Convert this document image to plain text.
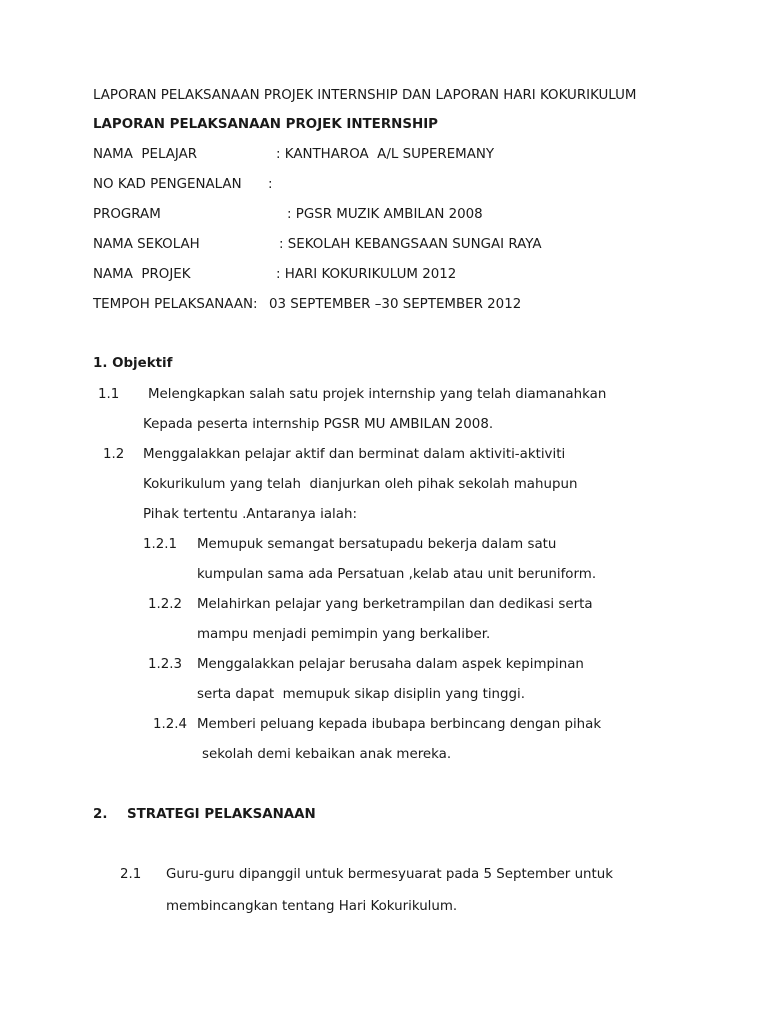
LAPORAN PELAKSANAAN PROJEK INTERNSHIP DAN LAPORAN HARI KOKURIKULUM
LAPORAN PELAKSANAAN PROJEK INTERNSHIP
NAMA  PELAJAR	: KANTHAROA  A/L SUPEREMANY
NO KAD PENGENALAN :
PROGRAM	: PGSR MUZIK AMBILAN 2008
NAMA SEKOLAH	: SEKOLAH KEBANGSAAN SUNGAI RAYA
NAMA  PROJEK	: HARI KOKURIKULUM 2012
TEMPOH PELAKSANAAN: 03 SEPTEMBER –30 SEPTEMBER 2012
1. Objektif
1.1 Melengkapkan salah satu projek internship yang telah diamanahkan
Kepada peserta internship PGSR MU AMBILAN 2008.
1.2 Menggalakkan pelajar aktif dan berminat dalam aktiviti-aktiviti
Kokurikulum yang telah  dianjurkan oleh pihak sekolah mahupun
Pihak tertentu .Antaranya ialah:
1.2.1 Memupuk semangat bersatupadu bekerja dalam satu
kumpulan sama ada Persatuan ,kelab atau unit beruniform.
1.2.2 Melahirkan pelajar yang berketrampilan dan dedikasi serta
mampu menjadi pemimpin yang berkaliber.
1.2.3 Menggalakkan pelajar berusaha dalam aspek kepimpinan
serta dapat  memupuk sikap disiplin yang tinggi.
1.2.4 Memberi peluang kepada ibubapa berbincang dengan pihak
sekolah demi kebaikan anak mereka.
2. STRATEGI PELAKSANAAN
2.1 Guru-guru dipanggil untuk bermesyuarat pada 5 September untuk
membincangkan tentang Hari Kokurikulum.
